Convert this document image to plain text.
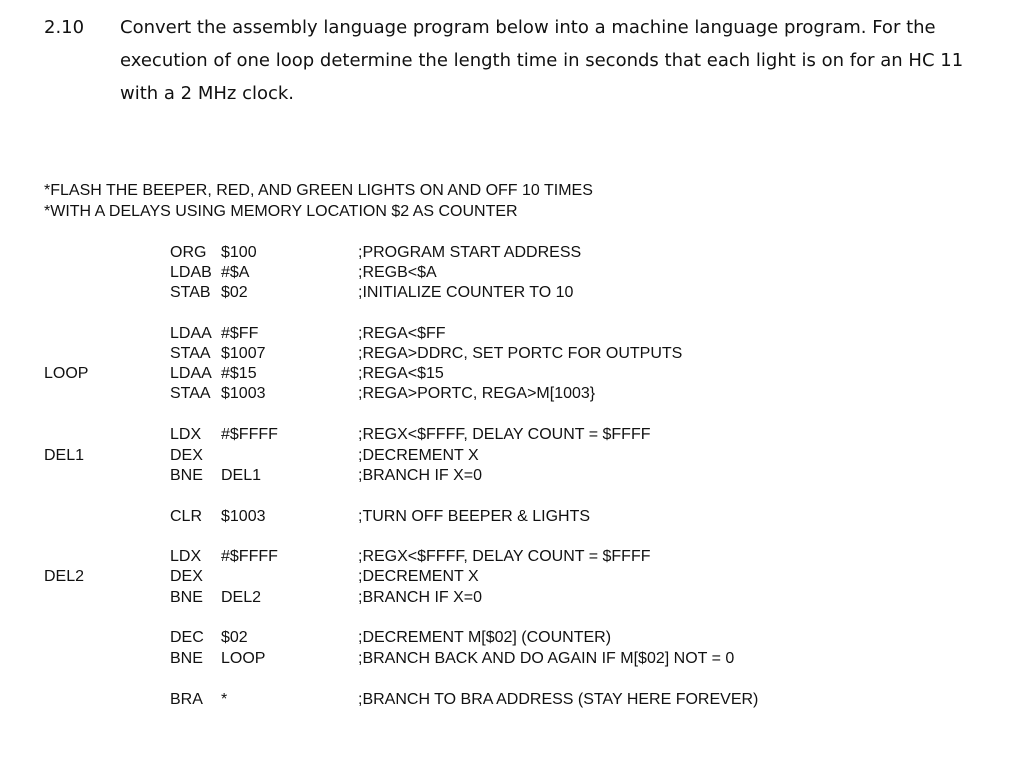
2.10 Convert the assembly language program below into a machine language program. For the execution of one loop determine the length time in seconds that each light is on for an HC 11 with a 2 MHz clock.
*FLASH THE BEEPER, RED, AND GREEN LIGHTS ON AND OFF 10 TIMES
*WITH A DELAYS USING MEMORY LOCATION $2 AS COUNTER
ORG $100	;PROGRAM START ADDRESS
LDAB #$A	;REGB<$A
STAB $02	;INITIALIZE COUNTER TO 10
LDAA #$FF	;REGA<$FF
STAA $1007	;REGA>DDRC, SET PORTC FOR OUTPUTS
LOOP	LDAA #$15	;REGA<$15
STAA $1003	;REGA>PORTC, REGA>M[1003}
LDX #$FFFF	;REGX<$FFFF, DELAY COUNT = $FFFF
DEL1	DEX	;DECREMENT X
BNE DEL1	;BRANCH IF X=0
CLR $1003	;TURN OFF BEEPER & LIGHTS
LDX #$FFFF	;REGX<$FFFF, DELAY COUNT = $FFFF
DEL2	DEX	;DECREMENT X
BNE DEL2	;BRANCH IF X=0
DEC $02	;DECREMENT M[$02] (COUNTER)
BNE LOOP	;BRANCH BACK AND DO AGAIN IF M[$02] NOT = 0
BRA *	;BRANCH TO BRA ADDRESS (STAY HERE FOREVER)
